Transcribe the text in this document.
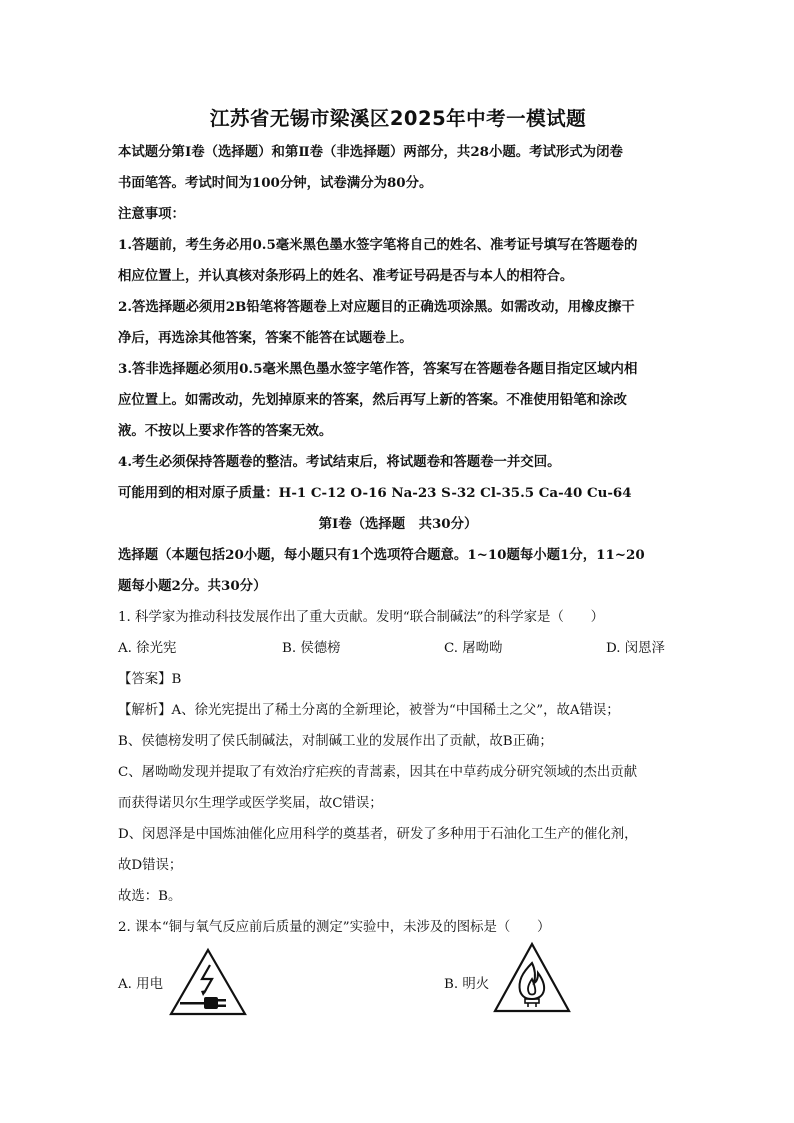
江苏省无锡市梁溪区2025年中考一模试题

本试题分第Ⅰ卷（选择题）和第Ⅱ卷（非选择题）两部分，共28小题。考试形式为闭卷

书面笔答。考试时间为100分钟，试卷满分为80分。

注意事项：

1.答题前，考生务必用0.5毫米黑色墨水签字笔将自己的姓名、准考证号填写在答题卷的

相应位置上，并认真核对条形码上的姓名、准考证号码是否与本人的相符合。

2.答选择题必须用2B铅笔将答题卷上对应题目的正确选项涂黑。如需改动，用橡皮擦干

净后，再选涂其他答案，答案不能答在试题卷上。

3.答非选择题必须用0.5毫米黑色墨水签字笔作答，答案写在答题卷各题目指定区域内相

应位置上。如需改动，先划掉原来的答案，然后再写上新的答案。不准使用铅笔和涂改

液。不按以上要求作答的答案无效。

4.考生必须保持答题卷的整洁。考试结束后，将试题卷和答题卷一并交回。

可能用到的相对原子质量：H-1 C-12 O-16 Na-23 S-32 Cl-35.5 Ca-40 Cu-64

第Ⅰ卷（选择题　共30分）

选择题（本题包括20小题，每小题只有1个选项符合题意。1~10题每小题1分，11~20

题每小题2分。共30分）

1. 科学家为推动科技发展作出了重大贡献。发明“联合制碱法”的科学家是（　　）

A. 徐光宪	B. 侯德榜	C. 屠呦呦	D. 闵恩泽

【答案】B

【解析】A、徐光宪提出了稀土分离的全新理论，被誉为“中国稀土之父”，故A错误；

B、侯德榜发明了侯氏制碱法，对制碱工业的发展作出了贡献，故B正确；

C、屠呦呦发现并提取了有效治疗疟疾的青蒿素，因其在中草药成分研究领域的杰出贡献

而获得诺贝尔生理学或医学奖届，故C错误；

D、闵恩泽是中国炼油催化应用科学的奠基者，研发了多种用于石油化工生产的催化剂，

故D错误；

故选：B。

2. 课本“铜与氧气反应前后质量的测定”实验中，未涉及的图标是（　　）

A. 用电	B. 明火
